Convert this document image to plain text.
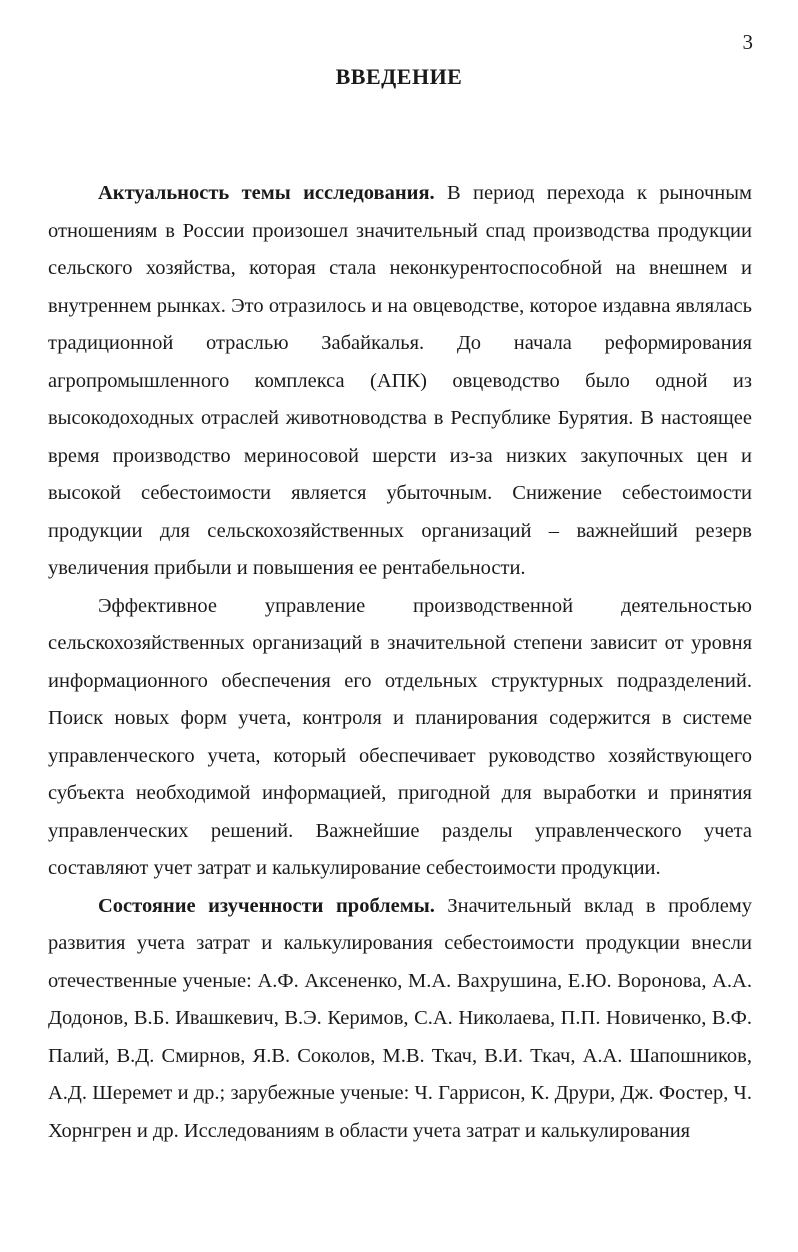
3
ВВЕДЕНИЕ

Актуальность темы исследования. В период перехода к рыночным отношениям в России произошел значительный спад производства продукции сельского хозяйства, которая стала неконкурентоспособной на внешнем и внутреннем рынках. Это отразилось и на овцеводстве, которое издавна являлась традиционной отраслью Забайкалья. До начала реформирования агропромышленного комплекса (АПК) овцеводство было одной из высокодоходных отраслей животноводства в Республике Бурятия. В настоящее время производство мериносовой шерсти из-за низких закупочных цен и высокой себестоимости является убыточным. Снижение себестоимости продукции для сельскохозяйственных организаций – важнейший резерв увеличения прибыли и повышения ее рентабельности.

Эффективное управление производственной деятельностью сельскохозяйственных организаций в значительной степени зависит от уровня информационного обеспечения его отдельных структурных подразделений. Поиск новых форм учета, контроля и планирования содержится в системе управленческого учета, который обеспечивает руководство хозяйствующего субъекта необходимой информацией, пригодной для выработки и принятия управленческих решений. Важнейшие разделы управленческого учета составляют учет затрат и калькулирование себестоимости продукции.

Состояние изученности проблемы. Значительный вклад в проблему развития учета затрат и калькулирования себестоимости продукции внесли отечественные ученые: А.Ф. Аксененко, М.А. Вахрушина, Е.Ю. Воронова, А.А. Додонов, В.Б. Ивашкевич, В.Э. Керимов, С.А. Николаева, П.П. Новиченко, В.Ф. Палий, В.Д. Смирнов, Я.В. Соколов, М.В. Ткач, В.И. Ткач, А.А. Шапошников, А.Д. Шеремет и др.; зарубежные ученые: Ч. Гаррисон, К. Друри, Дж. Фостер, Ч. Хорнгрен и др. Исследованиям в области учета затрат и калькулирования
